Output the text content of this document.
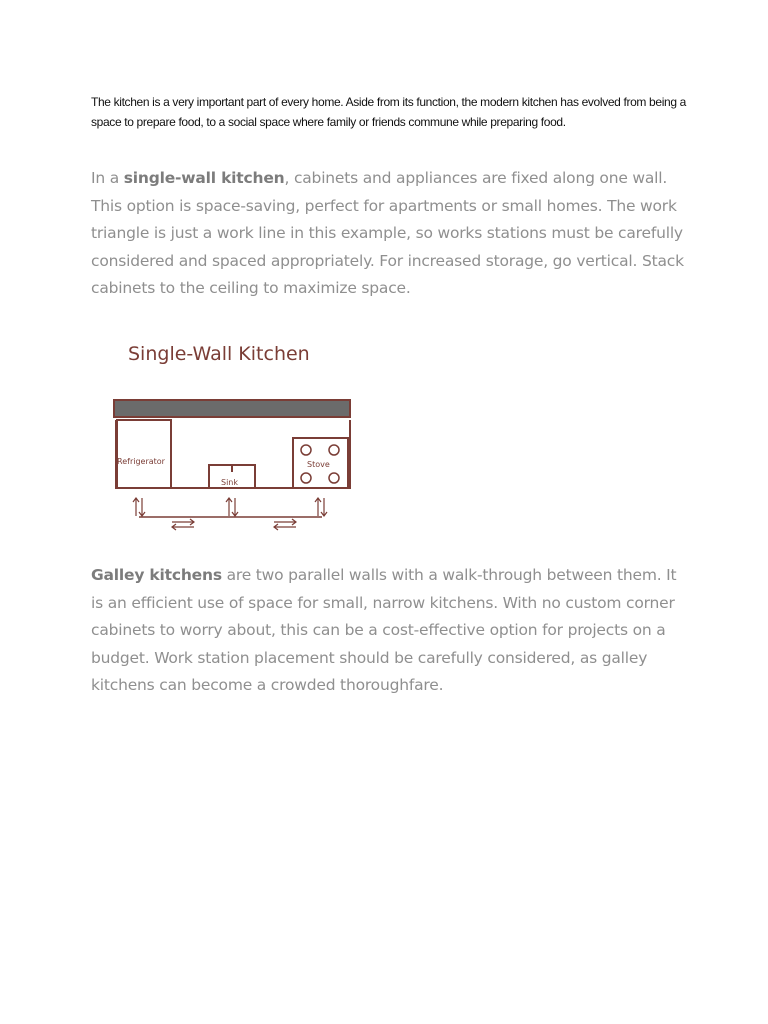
The kitchen is a very important part of every home. Aside from its function, the modern kitchen has evolved from being a space to prepare food, to a social space where family or friends commune while preparing food.

In a single-wall kitchen, cabinets and appliances are fixed along one wall. This option is space-saving, perfect for apartments or small homes. The work triangle is just a work line in this example, so works stations must be carefully considered and spaced appropriately. For increased storage, go vertical. Stack cabinets to the ceiling to maximize space.

Single-Wall Kitchen
Refrigerator
Sink
Stove

Galley kitchens are two parallel walls with a walk-through between them. It is an efficient use of space for small, narrow kitchens. With no custom corner cabinets to worry about, this can be a cost-effective option for projects on a budget. Work station placement should be carefully considered, as galley kitchens can become a crowded thoroughfare.
